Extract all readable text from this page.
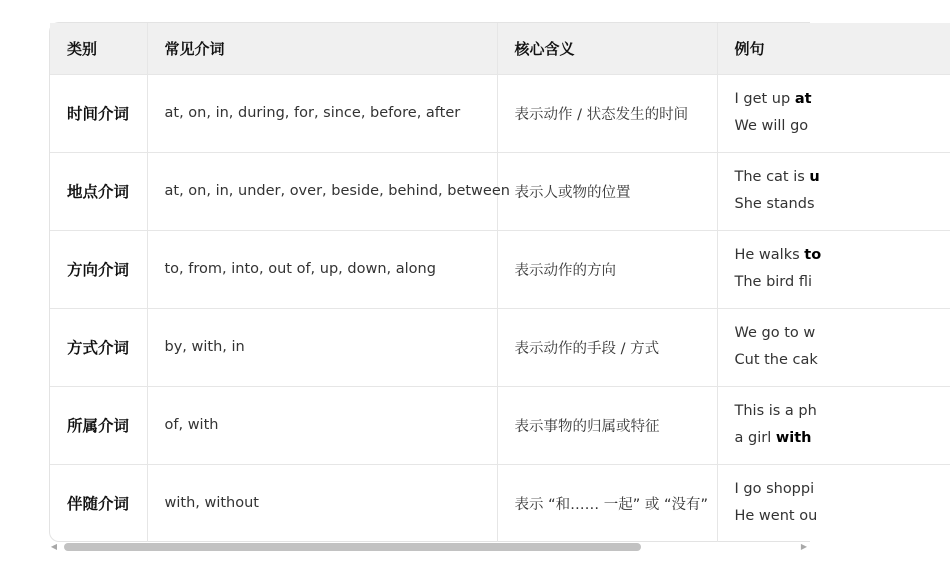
类别	常见介词	核心含义	例句
时间介词	at, on, in, during, for, since, before, after	表示动作 / 状态发生的时间	I get up at
We will go

地点介词	at, on, in, under, over, beside, behind, between	表示人或物的位置	The cat is u
She stands

方向介词	to, from, into, out of, up, down, along	表示动作的方向	He walks to
The bird fli

方式介词	by, with, in	表示动作的手段 / 方式	We go to w
Cut the cak

所属介词	of, with	表示事物的归属或特征	This is a ph
a girl with

伴随介词	with, without	表示 “和…… 一起” 或 “没有”	I go shoppi
He went ou
◀	▶
